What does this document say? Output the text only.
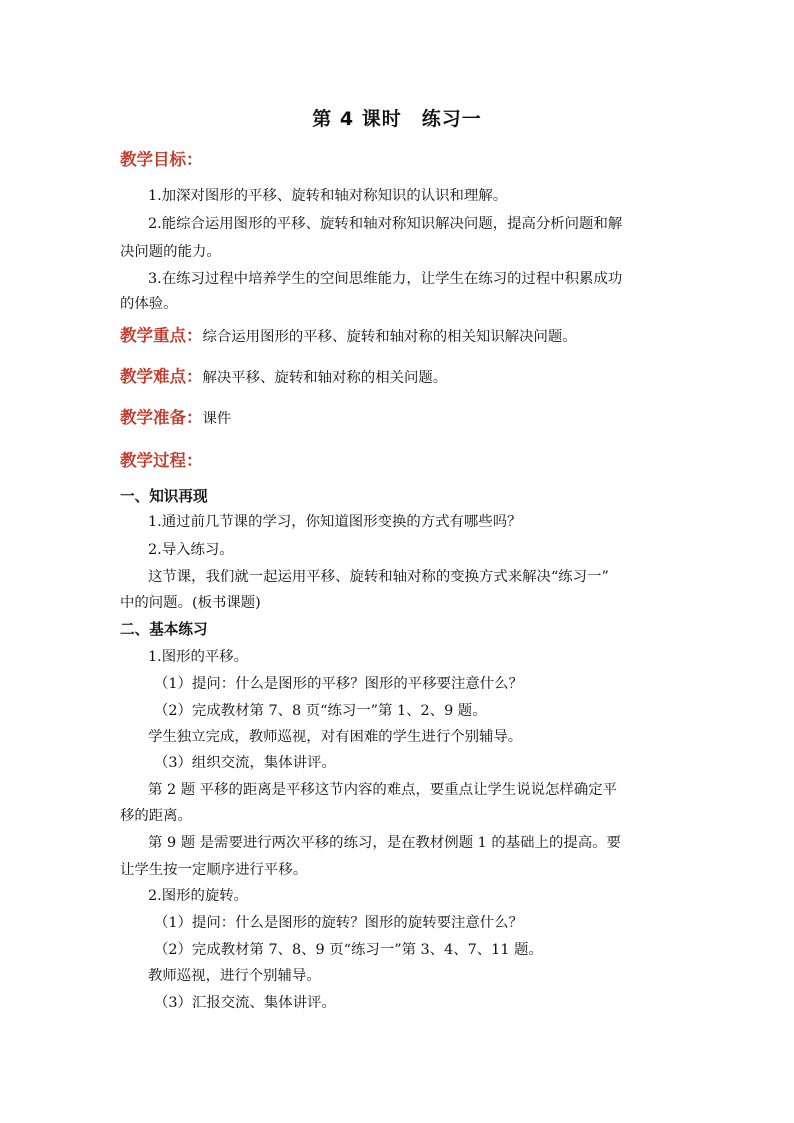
第 4 课时　练习一
教学目标：
1.加深对图形的平移、旋转和轴对称知识的认识和理解。
2.能综合运用图形的平移、旋转和轴对称知识解决问题，提高分析问题和解
决问题的能力。
3.在练习过程中培养学生的空间思维能力，让学生在练习的过程中积累成功
的体验。
教学重点：综合运用图形的平移、旋转和轴对称的相关知识解决问题。
教学难点：解决平移、旋转和轴对称的相关问题。
教学准备：课件
教学过程：
一、知识再现
1.通过前几节课的学习，你知道图形变换的方式有哪些吗？
2.导入练习。
这节课，我们就一起运用平移、旋转和轴对称的变换方式来解决“练习一”
中的问题。(板书课题)
二、基本练习
1.图形的平移。
（1）提问：什么是图形的平移？图形的平移要注意什么？
（2）完成教材第 7、8 页“练习一”第 1、2、9 题。
学生独立完成，教师巡视，对有困难的学生进行个别辅导。
（3）组织交流，集体讲评。
第 2 题 平移的距离是平移这节内容的难点，要重点让学生说说怎样确定平
移的距离。
第 9 题 是需要进行两次平移的练习，是在教材例题 1 的基础上的提高。要
让学生按一定顺序进行平移。
2.图形的旋转。
（1）提问：什么是图形的旋转？图形的旋转要注意什么？
（2）完成教材第 7、8、9 页“练习一”第 3、4、7、11 题。
教师巡视，进行个别辅导。
（3）汇报交流、集体讲评。
